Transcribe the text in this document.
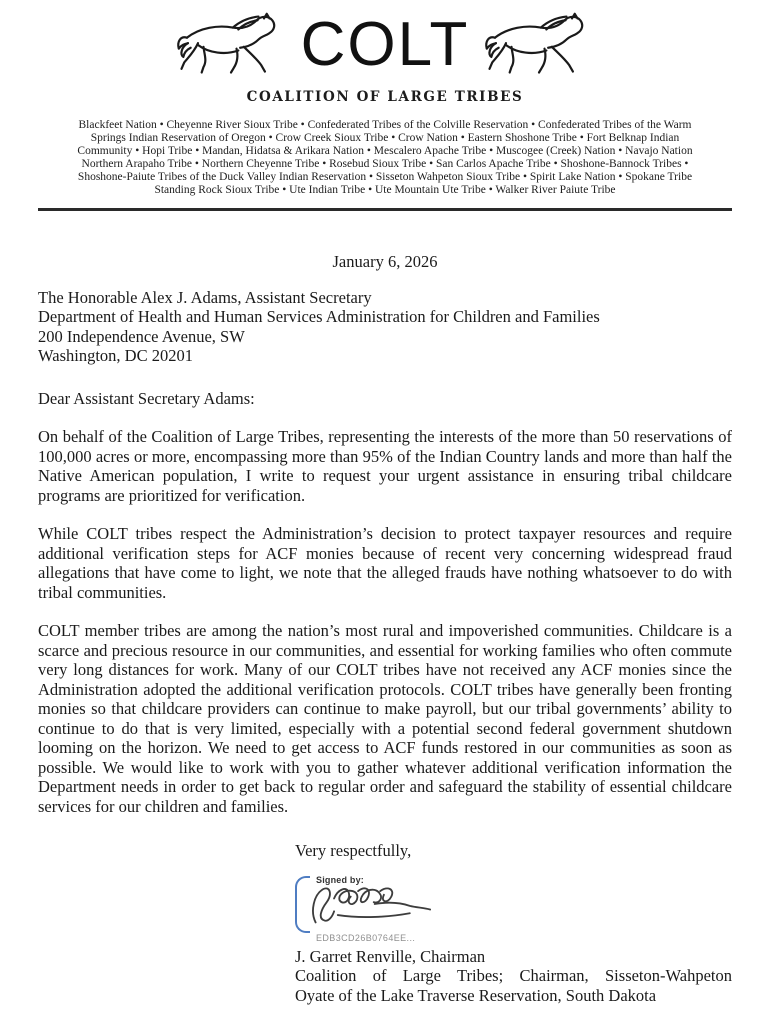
COLT
COALITION OF LARGE TRIBES
Blackfeet Nation • Cheyenne River Sioux Tribe • Confederated Tribes of the Colville Reservation • Confederated Tribes of the Warm
Springs Indian Reservation of Oregon • Crow Creek Sioux Tribe • Crow Nation • Eastern Shoshone Tribe • Fort Belknap Indian
Community • Hopi Tribe • Mandan, Hidatsa & Arikara Nation • Mescalero Apache Tribe • Muscogee (Creek) Nation • Navajo Nation
Northern Arapaho Tribe • Northern Cheyenne Tribe • Rosebud Sioux Tribe • San Carlos Apache Tribe • Shoshone-Bannock Tribes •
Shoshone-Paiute Tribes of the Duck Valley Indian Reservation • Sisseton Wahpeton Sioux Tribe • Spirit Lake Nation • Spokane Tribe
Standing Rock Sioux Tribe • Ute Indian Tribe • Ute Mountain Ute Tribe • Walker River Paiute Tribe
January 6, 2026
The Honorable Alex J. Adams, Assistant Secretary
Department of Health and Human Services Administration for Children and Families
200 Independence Avenue, SW
Washington, DC 20201
Dear Assistant Secretary Adams:

On behalf of the Coalition of Large Tribes, representing the interests of the more than 50 reservations of 100,000 acres or more, encompassing more than 95% of the Indian Country lands and more than half the Native American population, I write to request your urgent assistance in ensuring tribal childcare programs are prioritized for verification.

While COLT tribes respect the Administration’s decision to protect taxpayer resources and require additional verification steps for ACF monies because of recent very concerning widespread fraud allegations that have come to light, we note that the alleged frauds have nothing whatsoever to do with tribal communities.

COLT member tribes are among the nation’s most rural and impoverished communities. Childcare is a scarce and precious resource in our communities, and essential for working families who often commute very long distances for work. Many of our COLT tribes have not received any ACF monies since the Administration adopted the additional verification protocols. COLT tribes have generally been fronting monies so that childcare providers can continue to make payroll, but our tribal governments’ ability to continue to do that is very limited, especially with a potential second federal government shutdown looming on the horizon. We need to get access to ACF funds restored in our communities as soon as possible. We would like to work with you to gather whatever additional verification information the Department needs in order to get back to regular order and safeguard the stability of essential childcare services for our children and families.

Very respectfully,
Signed by:
EDB3CD26B0764EE...
J. Garret Renville, Chairman
Coalition of Large Tribes; Chairman, Sisseton-Wahpeton
Oyate of the Lake Traverse Reservation, South Dakota
